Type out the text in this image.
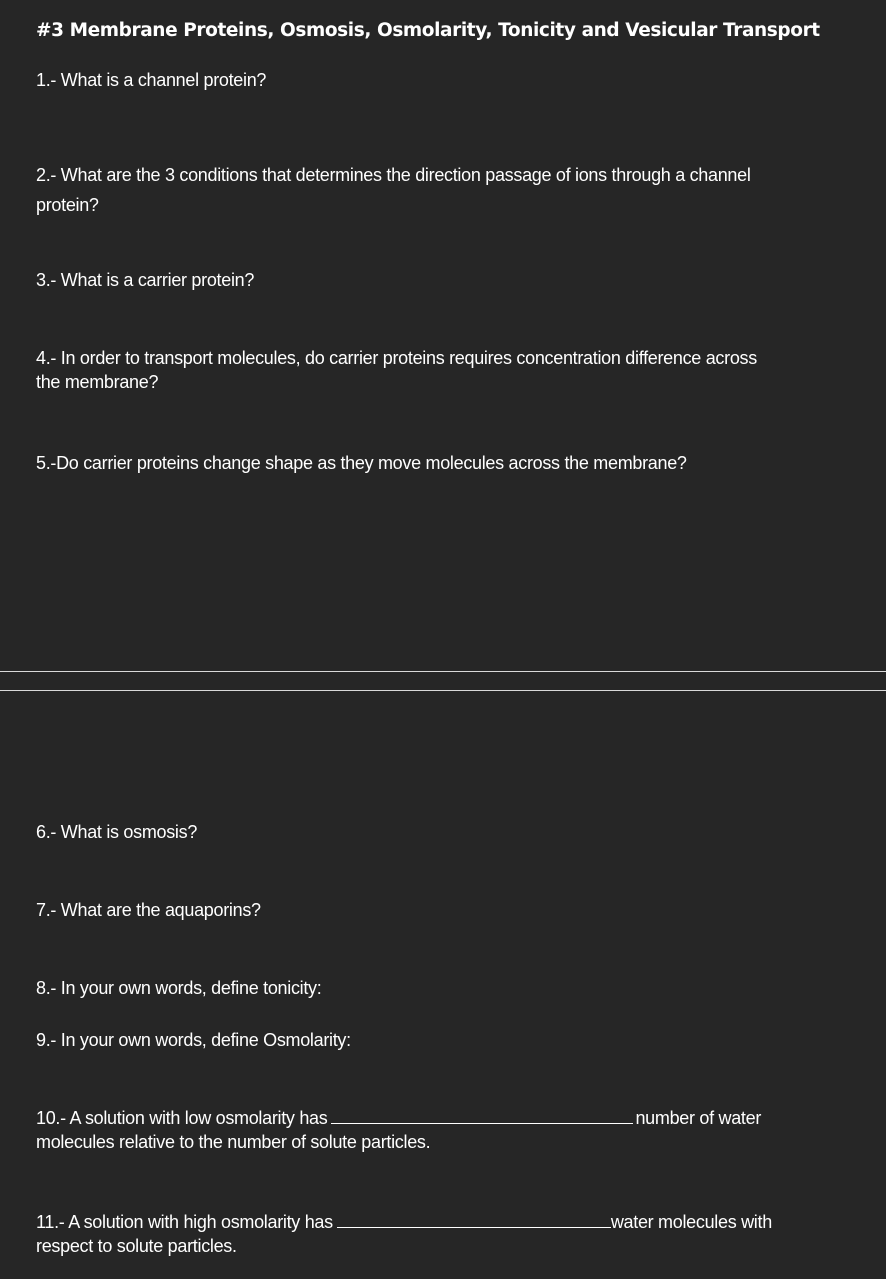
#3 Membrane Proteins, Osmosis, Osmolarity, Tonicity and Vesicular Transport

1.- What is a channel protein?

2.- What are the 3 conditions that determines the direction passage of ions through a channel
protein?

3.- What is a carrier protein?

4.- In order to transport molecules, do carrier proteins requires concentration difference across
the membrane?

5.-Do carrier proteins change shape as they move molecules across the membrane?

6.- What is osmosis?

7.- What are the aquaporins?

8.- In your own words, define tonicity:

9.- In your own words, define Osmolarity:

10.- A solution with low osmolarity has	number of water
molecules relative to the number of solute particles.
11.- A solution with high osmolarity has	water molecules with
respect to solute particles.
